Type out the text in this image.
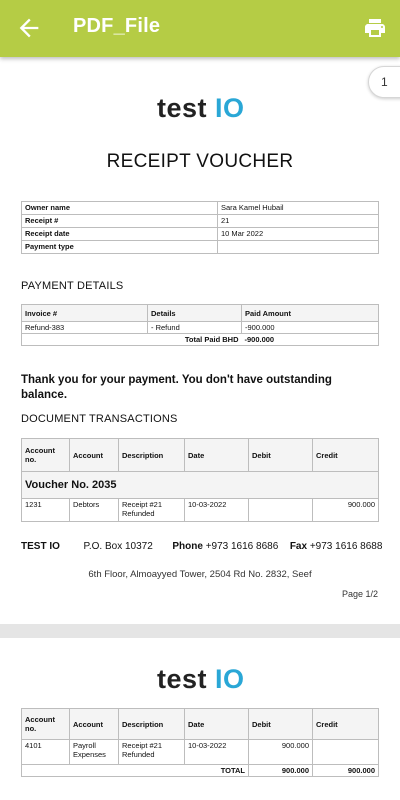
PDF_File
1
test IO
RECEIPT VOUCHER
Owner name	Sara Kamel Hubail
Receipt #	21
Receipt date	10 Mar 2022
Payment type	
PAYMENT DETAILS
Invoice #	Details	Paid Amount
Refund-383	- Refund	-900.000
Total Paid BHD		-900.000
Thank you for your payment. You don't have outstanding balance.
DOCUMENT TRANSACTIONS
Account no.	Account	Description	Date	Debit	Credit
Voucher No. 2035					
1231	Debtors	Receipt #21 Refunded	10-03-2022		900.000
TEST IO P.O. Box 10372 Phone +973 1616 8686 Fax +973 1616 8688
6th Floor, Almoayyed Tower, 2504 Rd No. 2832, Seef
Page 1/2
test IO
Account no.	Account	Description	Date	Debit	Credit
4101	Payroll Expenses	Receipt #21 Refunded	10-03-2022	900.000	
TOTAL				900.000	900.000
